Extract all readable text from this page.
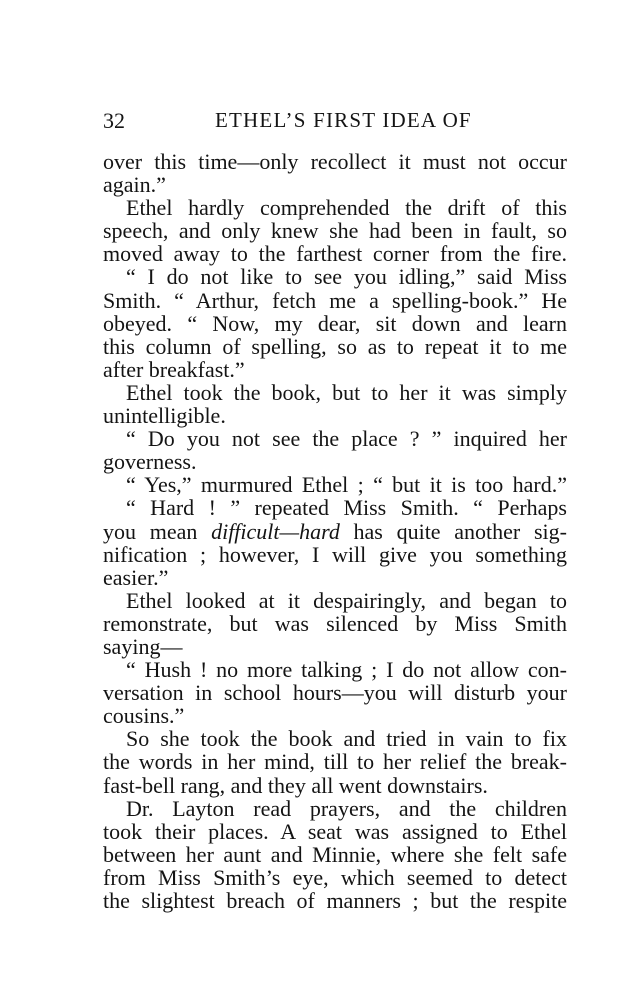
32	ETHEL’S FIRST IDEA OF
over this time—only recollect it must not occur
again.”
Ethel hardly comprehended the drift of this
speech, and only knew she had been in fault, so
moved away to the farthest corner from the fire.
“ I do not like to see you idling,” said Miss
Smith. “ Arthur, fetch me a spelling-book.” He
obeyed. “ Now, my dear, sit down and learn
this column of spelling, so as to repeat it to me
after breakfast.”
Ethel took the book, but to her it was simply
unintelligible.
“ Do you not see the place ? ” inquired her
governess.
“ Yes,” murmured Ethel ; “ but it is too hard.”
“ Hard ! ” repeated Miss Smith. “ Perhaps
you mean difficult—hard has quite another sig-
nification ; however, I will give you something
easier.”
Ethel looked at it despairingly, and began to
remonstrate, but was silenced by Miss Smith
saying—
“ Hush ! no more talking ; I do not allow con-
versation in school hours—you will disturb your
cousins.”
So she took the book and tried in vain to fix
the words in her mind, till to her relief the break-
fast-bell rang, and they all went downstairs.
Dr. Layton read prayers, and the children
took their places. A seat was assigned to Ethel
between her aunt and Minnie, where she felt safe
from Miss Smith’s eye, which seemed to detect
the slightest breach of manners ; but the respite
